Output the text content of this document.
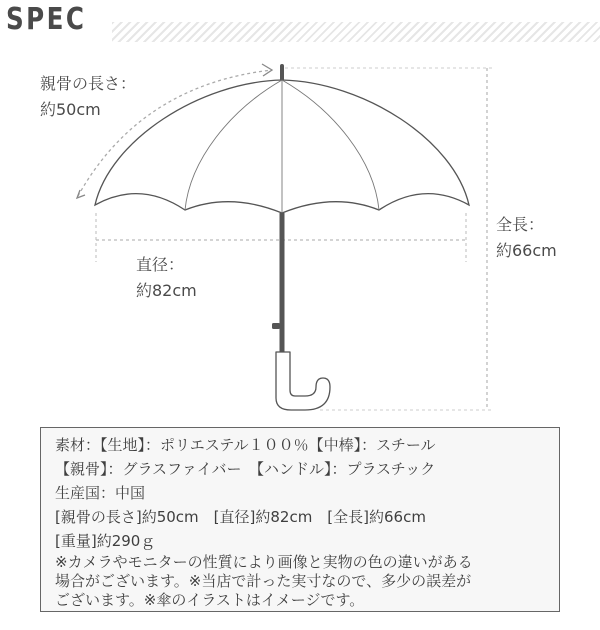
SPEC
親骨の長さ：
約50cm
直径：
約82cm
全長：
約66cm
素材：【生地】：ポリエステル１００％【中棒】：スチール
【親骨】：グラスファイバー　【ハンドル】：プラスチック
生産国：中国
[親骨の長さ]約50cm　[直径]約82cm　[全長]約66cm
[重量]約290ｇ
※カメラやモニターの性質により画像と実物の色の違いがある
場合がございます。※当店で計った実寸なので、多少の誤差が
ございます。※傘のイラストはイメージです。
